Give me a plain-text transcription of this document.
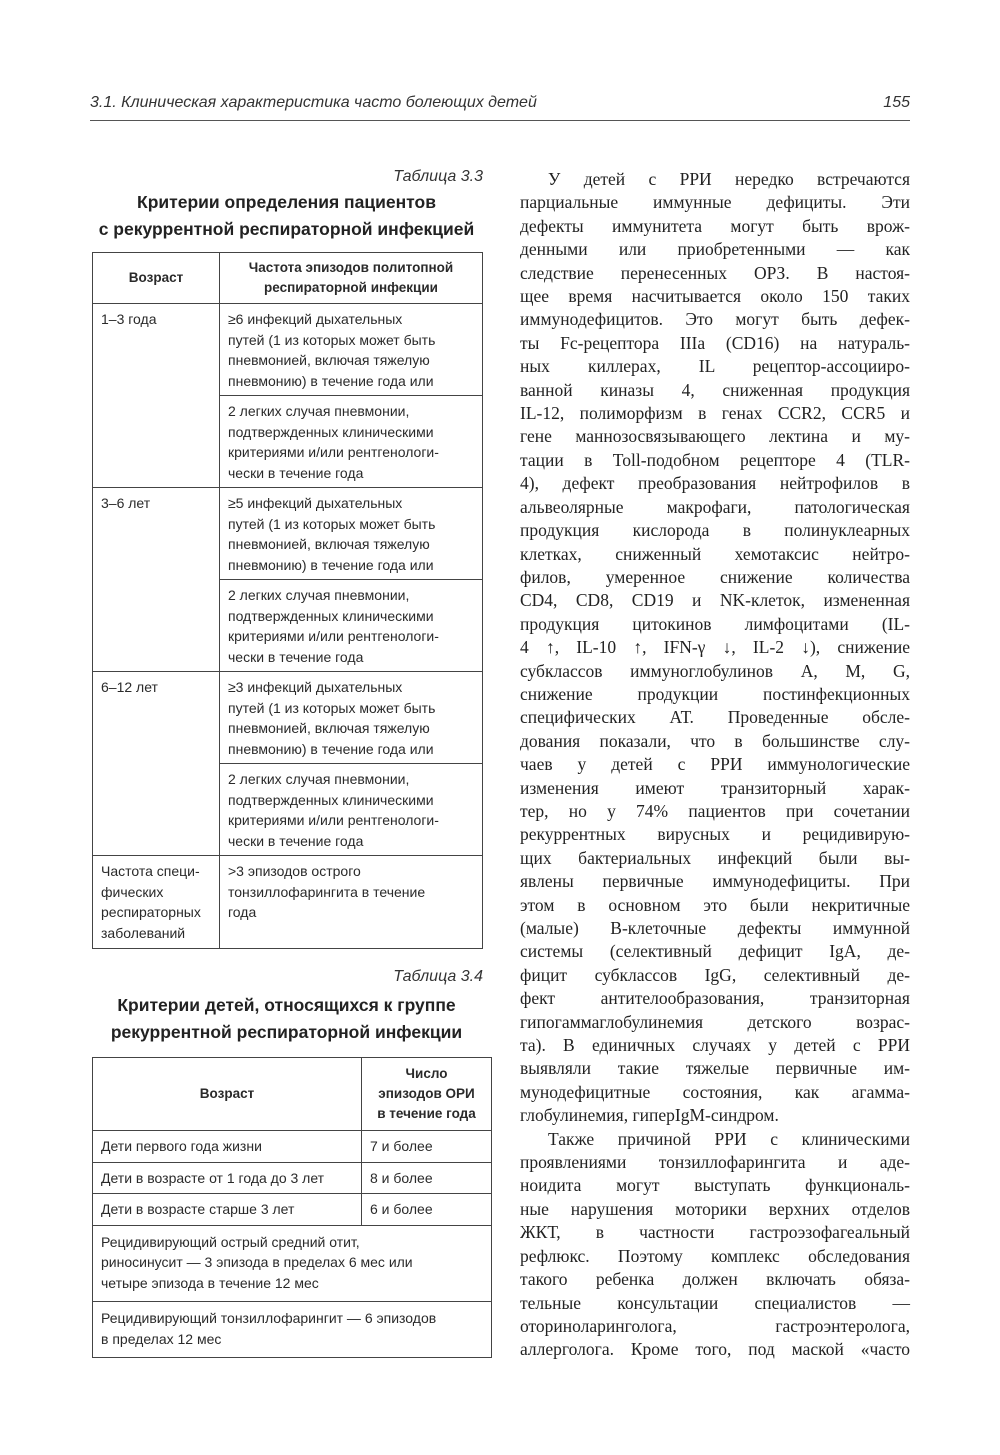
3.1. Клиническая характеристика часто болеющих детей	155
Таблица 3.3
Критерии определения пациентов
с рекуррентной респираторной инфекцией
Возраст	Частота эпизодов политопной
респираторной инфекции

1–3 года	≥6 инфекций дыхательных
путей (1 из которых может быть
пневмонией, включая тяжелую
пневмонию) в течение года или

	2 легких случая пневмонии,
подтвержденных клиническими
критериями и/или рентгенологи-
чески в течение года

3–6 лет	≥5 инфекций дыхательных
путей (1 из которых может быть
пневмонией, включая тяжелую
пневмонию) в течение года или

	2 легких случая пневмонии,
подтвержденных клиническими
критериями и/или рентгенологи-
чески в течение года

6–12 лет	≥3 инфекций дыхательных
путей (1 из которых может быть
пневмонией, включая тяжелую
пневмонию) в течение года или

	2 легких случая пневмонии,
подтвержденных клиническими
критериями и/или рентгенологи-
чески в течение года

Частота специ-
фических
респираторных
заболеваний	>3 эпизодов острого
тонзиллофарингита в течение
года
Таблица 3.4
Критерии детей, относящихся к группе
рекуррентной респираторной инфекции
Возраст	Число
эпизодов ОРИ
в течение года

Дети первого года жизни	7 и более
Дети в возрасте от 1 года до 3 лет	8 и более
Дети в возрасте старше 3 лет	6 и более

Рецидивирующий острый средний отит,
риносинусит — 3 эпизода в пределах 6 мес или
четыре эпизода в течение 12 мес	

Рецидивирующий тонзиллофарингит — 6 эпизодов
в пределах 12 мес	
У детей с РРИ нередко встречаются
парциальные иммунные дефициты. Эти
дефекты иммунитета могут быть врож-
денными или приобретенными — как
следствие перенесенных ОРЗ. В настоя-
щее время насчитывается около 150 таких
иммунодефицитов. Это могут быть дефек-
ты Fc-рецептора IIIa (CD16) на натураль-
ных киллерах, IL рецептор-ассоцииро-
ванной киназы 4, сниженная продукция
IL-12, полиморфизм в генах CCR2, CCR5 и
гене маннозосвязывающего лектина и му-
тации в Toll-подобном рецепторе 4 (TLR-
4), дефект преобразования нейтрофилов в
альвеолярные макрофаги, патологическая
продукция кислорода в полинуклеарных
клетках, сниженный хемотаксис нейтро-
филов, умеренное снижение количества
CD4, CD8, CD19 и NK-клеток, измененная
продукция цитокинов лимфоцитами (IL-
4 ↑, IL-10 ↑, IFN-γ ↓, IL-2 ↓), снижение
субклассов иммуноглобулинов A, M, G,
снижение продукции постинфекционных
специфических АТ. Проведенные обсле-
дования показали, что в большинстве слу-
чаев у детей с РРИ иммунологические
изменения имеют транзиторный харак-
тер, но у 74% пациентов при сочетании
рекуррентных вирусных и рецидивирую-
щих бактериальных инфекций были вы-
явлены первичные иммунодефициты. При
этом в основном это были некритичные
(малые) B-клеточные дефекты иммунной
системы (селективный дефицит IgA, де-
фицит субклассов IgG, селективный де-
фект антителообразования, транзиторная
гипогаммаглобулинемия детского возрас-
та). В единичных случаях у детей с РРИ
выявляли такие тяжелые первичные им-
мунодефицитные состояния, как агамма-
глобулинемия, гиперIgM-синдром.
Также причиной РРИ с клиническими
проявлениями тонзиллофарингита и аде-
ноидита могут выступать функциональ-
ные нарушения моторики верхних отделов
ЖКТ, в частности гастроэзофагеальный
рефлюкс. Поэтому комплекс обследования
такого ребенка должен включать обяза-
тельные консультации специалистов —
оториноларинголога, гастроэнтеролога,
аллерголога. Кроме того, под маской «часто
